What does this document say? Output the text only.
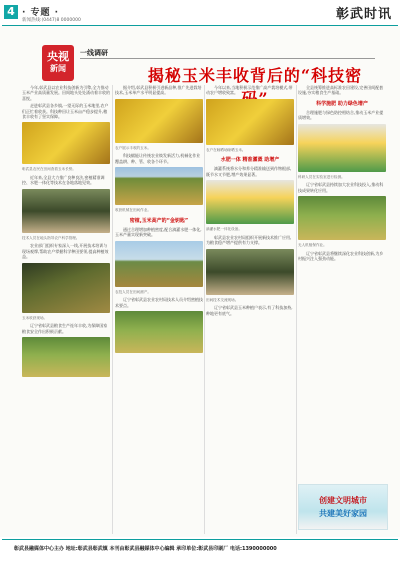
4 · 专题 ·
新闻热线:(0447)8 0000000	彰武时讯
央视
新闻
一线调研
揭秘玉米丰收背后的“科技密

今年,彰武县以农业科技创新为引擎,全力推动玉米产业高质量发展。田间地头处处涌动着丰收的喜悦。

走进彰武县各乡镇,一望无际的玉米地里,农户们正忙着收获。科技种田让玉米亩产稳步提升,粮食丰收有了坚实保障。

彰武县农民在田间查看玉米长势。

近年来,全县大力推广良种良法,密植精准调控、水肥一体化等技术在各地落地见效。

技术人员在地头指导农户科学管理。

农业部门组织专家深入一线,开展技术培训与现场观摩,帮助农户掌握科学种田要领,提高种植效益。

玉米收获现场。

辽宁省彰武县粮食生产连年丰收,为保障国家粮食安全作出积极贡献。

据介绍,彰武县积极引进新品种,推广先进栽培技术,玉米单产水平明显提高。

农户展示丰收的玉米。

科技赋能让传统农业焕发新活力,机械化作业覆盖耕、种、管、收各个环节。

收获机械在田间作业。

密植,玉米高产的“金钥匙”

通过合理增加种植密度,配合滴灌水肥一体化,玉米产量实现新突破。

农技人员在田间测产。

辽宁省彰武县农业农村局技术人员介绍密植技术要点。

今年以来,当地积极示范推广高产栽培模式,带动农户增收致富。

农户在晾晒场晾晒玉米。

水肥一体 精准灌溉 助增产

滴灌系统将水分和养分精准输送到作物根部,既节水又节肥,增产效果显著。

滴灌水肥一体化设备。

彰武县农业农村局组织开展新技术推广应用,为粮食稳产增产提供有力支撑。

田间技术交流现场。

辽宁省彰武县玉米种植户表示,有了科技加持,种地更有底气。

全县统筹推进高标准农田建设,完善田间配套设施,夯实粮食生产基础。

科学施肥 助力绿色增产

合理施肥与绿色防控相结合,推动玉米产业提质增效。

科研人员在实验室进行检测。

辽宁省彰武县持续加大农业科技投入,推动科技成果转化应用。

无人机植保作业。

辽宁省彰武县将继续深化农业科技创新,为乡村振兴注入强劲动能。

创建文明城市
共建美好家园
彰武县融媒体中心主办 地址:彰武县彰武镇 本刊由彰武县融媒体中心编辑 承印单位:彰武县印刷厂 电话:1390000000
